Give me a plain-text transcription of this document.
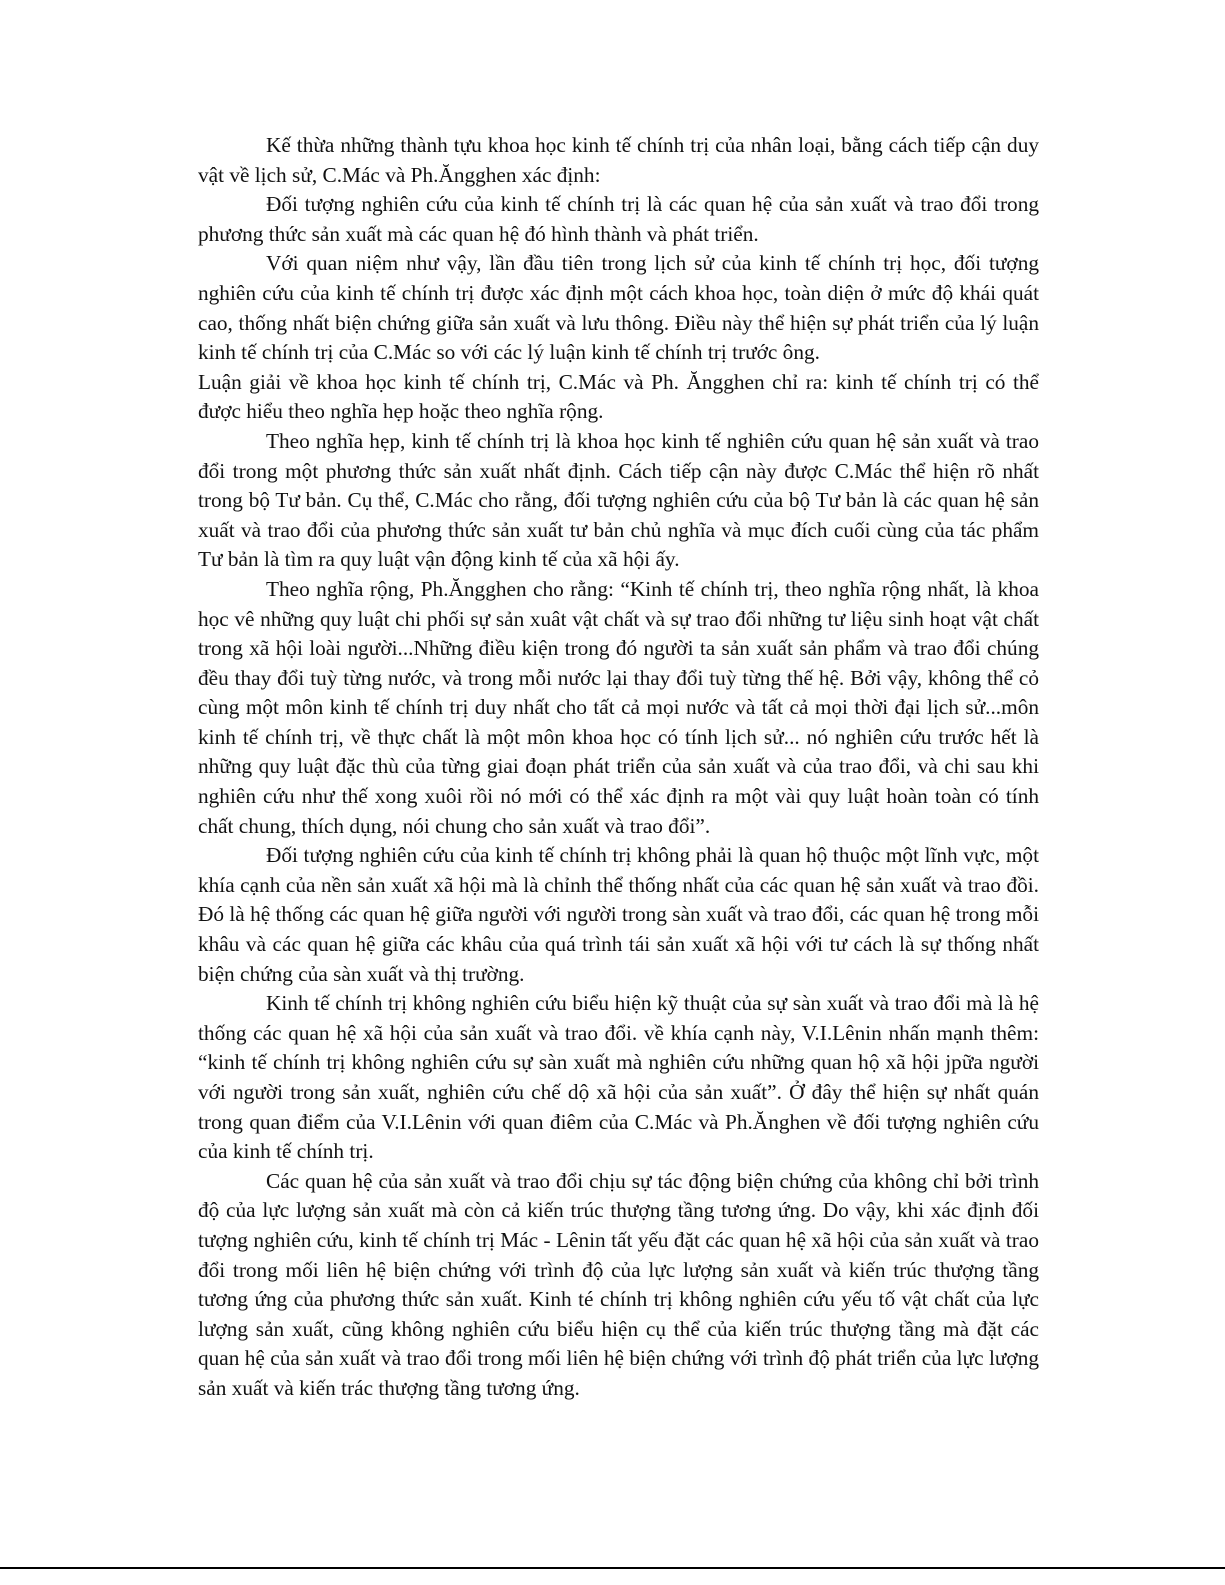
Kế thừa những thành tựu khoa học kinh tế chính trị của nhân loại, bằng cách tiếp cận duy vật về lịch sử, C.Mác và Ph.Ăngghen xác định:

Đối tượng nghiên cứu của kinh tế chính trị là các quan hệ của sản xuất và trao đổi trong phương thức sản xuất mà các quan hệ đó hình thành và phát triển.

Với quan niệm như vậy, lần đầu tiên trong lịch sử của kinh tế chính trị học, đối tượng nghiên cứu của kinh tế chính trị được xác định một cách khoa học, toàn diện ở mức độ khái quát cao, thống nhất biện chứng giữa sản xuất và lưu thông. Điều này thể hiện sự phát triển của lý luận kinh tế chính trị của C.Mác so với các lý luận kinh tế chính trị trước ông.

Luận giải về khoa học kinh tế chính trị, C.Mác và Ph. Ăngghen chỉ ra: kinh tế chính trị có thể được hiểu theo nghĩa hẹp hoặc theo nghĩa rộng.

Theo nghĩa hẹp, kinh tế chính trị là khoa học kinh tế nghiên cứu quan hệ sản xuất và trao đổi trong một phương thức sản xuất nhất định. Cách tiếp cận này được C.Mác thể hiện rõ nhất trong bộ Tư bản. Cụ thể, C.Mác cho rằng, đối tượng nghiên cứu của bộ Tư bản là các quan hệ sản xuất và trao đổi của phương thức sản xuất tư bản chủ nghĩa và mục đích cuối cùng của tác phẩm Tư bản là tìm ra quy luật vận động kinh tế của xã hội ấy.

Theo nghĩa rộng, Ph.Ăngghen cho rằng: “Kinh tế chính trị, theo nghĩa rộng nhất, là khoa học vê những quy luật chi phối sự sản xuât vật chất và sự trao đổi những tư liệu sinh hoạt vật chất trong xã hội loài người...Những điều kiện trong đó người ta sản xuất sản phẩm và trao đổi chúng đều thay đổi tuỳ từng nước, và trong mỗi nước lại thay đổi tuỳ từng thế hệ. Bởi vậy, không thể cỏ cùng một môn kinh tế chính trị duy nhất cho tất cả mọi nước và tất cả mọi thời đại lịch sử...môn kinh tế chính trị, về thực chất là một môn khoa học có tính lịch sử... nó nghiên cứu trước hết là những quy luật đặc thù của từng giai đoạn phát triển của sản xuất và của trao đổi, và chi sau khi nghiên cứu như thế xong xuôi rồi nó mới có thể xác định ra một vài quy luật hoàn toàn có tính chất chung, thích dụng, nói chung cho sản xuất và trao đổi”.

Đối tượng nghiên cứu của kinh tế chính trị không phải là quan hộ thuộc một lĩnh vực, một khía cạnh của nền sản xuất xã hội mà là chỉnh thể thống nhất của các quan hệ sản xuất và trao đồi. Đó là hệ thống các quan hệ giữa người với người trong sàn xuất và trao đổi, các quan hệ trong mỗi khâu và các quan hệ giữa các khâu của quá trình tái sản xuất xã hội với tư cách là sự thống nhất biện chứng của sàn xuất và thị trường.

Kinh tế chính trị không nghiên cứu biểu hiện kỹ thuật của sự sàn xuất và trao đổi mà là hệ thống các quan hệ xã hội của sản xuất và trao đổi. về khía cạnh này, V.I.Lênin nhấn mạnh thêm: “kinh tế chính trị không nghiên cứu sự sàn xuất mà nghiên cứu những quan hộ xã hội jpữa người với người trong sản xuất, nghiên cứu chế dộ xã hội của sản xuất”. Ở đây thể hiện sự nhất quán trong quan điểm của V.I.Lênin với quan điêm của C.Mác và Ph.Ănghen về đối tượng nghiên cứu của kinh tế chính trị.

Các quan hệ của sản xuất và trao đổi chịu sự tác động biện chứng của không chỉ bởi trình độ của lực lượng sản xuất mà còn cả kiến trúc thượng tầng tương ứng. Do vậy, khi xác định đối tượng nghiên cứu, kinh tế chính trị Mác - Lênin tất yếu đặt các quan hệ xã hội của sản xuất và trao đổi trong mối liên hệ biện chứng với trình độ của lực lượng sản xuất và kiến trúc thượng tầng tương ứng của phương thức sản xuất. Kinh té chính trị không nghiên cứu yếu tố vật chất của lực lượng sản xuất, cũng không nghiên cứu biểu hiện cụ thể của kiến trúc thượng tầng mà đặt các quan hệ của sản xuất và trao đổi trong mối liên hệ biện chứng với trình độ phát triển của lực lượng sản xuất và kiến trác thượng tầng tương ứng.
